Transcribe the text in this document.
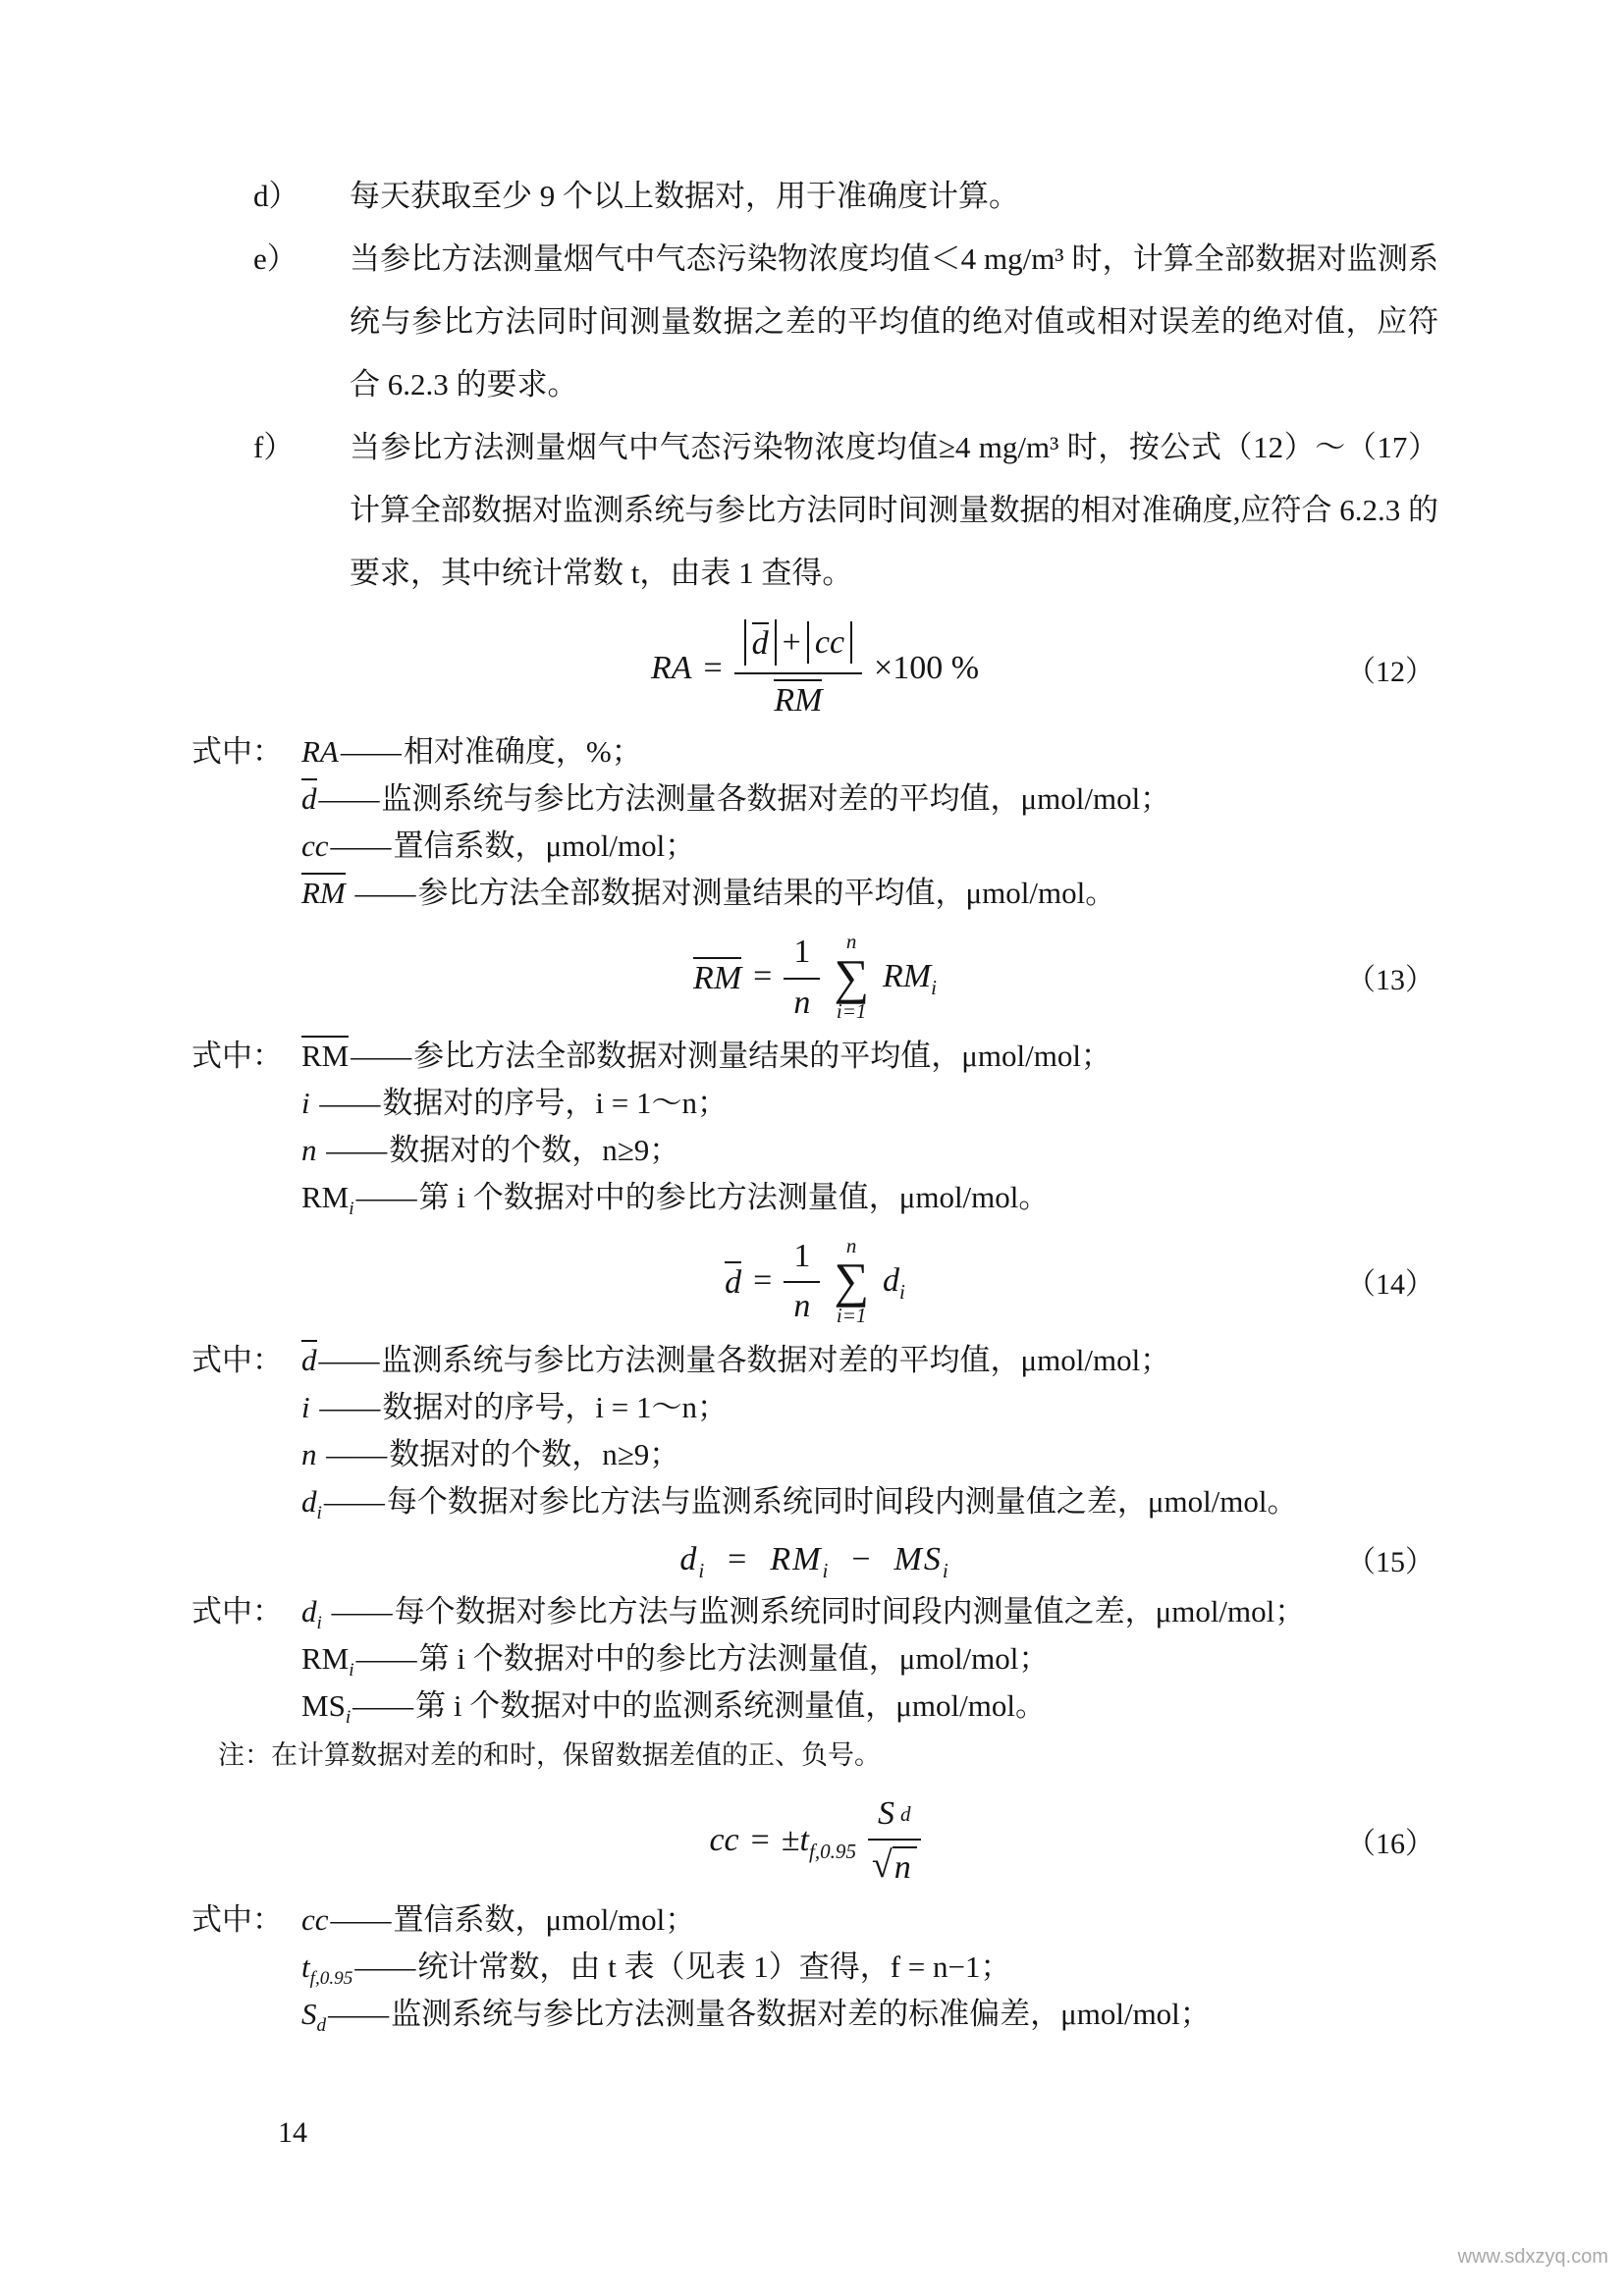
d）	每天获取至少 9 个以上数据对，用于准确度计算。
e）	当参比方法测量烟气中气态污染物浓度均值＜4 mg/m³ 时，计算全部数据对监测系统与参比方法同时间测量数据之差的平均值的绝对值或相对误差的绝对值，应符合 6.2.3 的要求。
f）	当参比方法测量烟气中气态污染物浓度均值≥4 mg/m³ 时，按公式（12）～（17）计算全部数据对监测系统与参比方法同时间测量数据的相对准确度,应符合 6.2.3 的要求，其中统计常数 t，由表 1 查得。
RA = $\frac{d + cc}{RM} \times 100$ %	（12）
式中： RA——相对准确度，%；
d——监测系统与参比方法测量各数据对差的平均值，μmol/mol；
cc——置信系数，μmol/mol；
RM ——参比方法全部数据对测量结果的平均值，μmol/mol。
RM = $\frac{1}{n}$ n
∑
i=1
$RM_i$	（13）
式中： RM——参比方法全部数据对测量结果的平均值，μmol/mol；
i ——数据对的序号，i = 1～n；
n ——数据对的个数，n≥9；
$RM_i——$第 i 个数据对中的参比方法测量值，μmol/mol。
$d = \frac{1}{n}$ n
∑
i=1
$d_i$	（14）
式中： d——监测系统与参比方法测量各数据对差的平均值，μmol/mol；
i ——数据对的序号，i = 1～n；
n ——数据对的个数，n≥9；
$d_i——$每个数据对参比方法与监测系统同时间段内测量值之差，μmol/mol。
$d_i = RM_i - MS_i$	（15）
式中： $d_i$ ——每个数据对参比方法与监测系统同时间段内测量值之差，μmol/mol；
$RM_i——$第 i 个数据对中的参比方法测量值，μmol/mol；
$MS_i——$第 i 个数据对中的监测系统测量值，μmol/mol。
注：在计算数据对差的和时，保留数据差值的正、负号。
cc = $\pm t_{f,0.95} \frac{\text{S d}}{√ n}$	（16）
式中： cc——置信系数，μmol/mol；
$t_{f,0.95}——$统计常数，由 t 表（见表 1）查得，f = n−1；
$S_d——$监测系统与参比方法测量各数据对差的标准偏差，μmol/mol；
14
www.sdxzyq.com
